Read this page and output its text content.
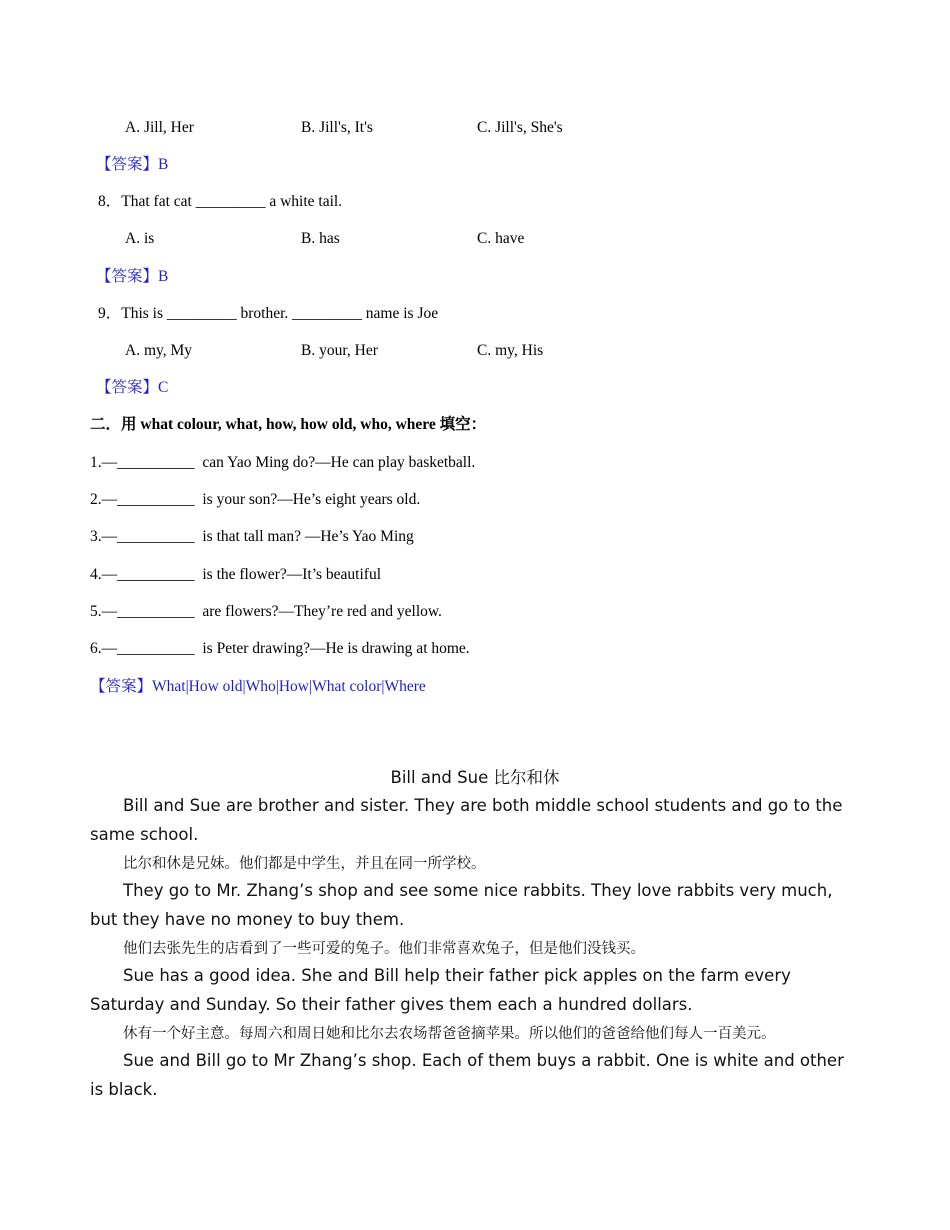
A. Jill, Her	B. Jill's, It's	C. Jill's, She's
【答案】B
8．That fat cat _________ a white tail.
A. is	B. has	C. have
【答案】B
9．This is _________ brother. _________ name is Joe
A. my, My	B. your, Her	C. my, His
【答案】C
二．用 what colour, what, how, how old, who, where 填空：
1.—__________  can Yao Ming do?—He can play basketball.
2.—__________  is your son?—He’s eight years old.
3.—__________  is that tall man? —He’s Yao Ming
4.—__________  is the flower?—It’s beautiful
5.—__________  are flowers?—They’re red and yellow.
6.—__________  is Peter drawing?—He is drawing at home.
【答案】What|How old|Who|How|What color|Where
Bill and Sue 比尔和休

Bill and Sue are brother and sister. They are both middle school students and go to the same school.

比尔和休是兄妹。他们都是中学生，并且在同一所学校。

They go to Mr. Zhang’s shop and see some nice rabbits. They love rabbits very much, but they have no money to buy them.

他们去张先生的店看到了一些可爱的兔子。他们非常喜欢兔子，但是他们没钱买。

Sue has a good idea. She and Bill help their father pick apples on the farm every Saturday and Sunday. So their father gives them each a hundred dollars.

休有一个好主意。每周六和周日她和比尔去农场帮爸爸摘苹果。所以他们的爸爸给他们每人一百美元。

Sue and Bill go to Mr Zhang’s shop. Each of them buys a rabbit. One is white and other is black.
